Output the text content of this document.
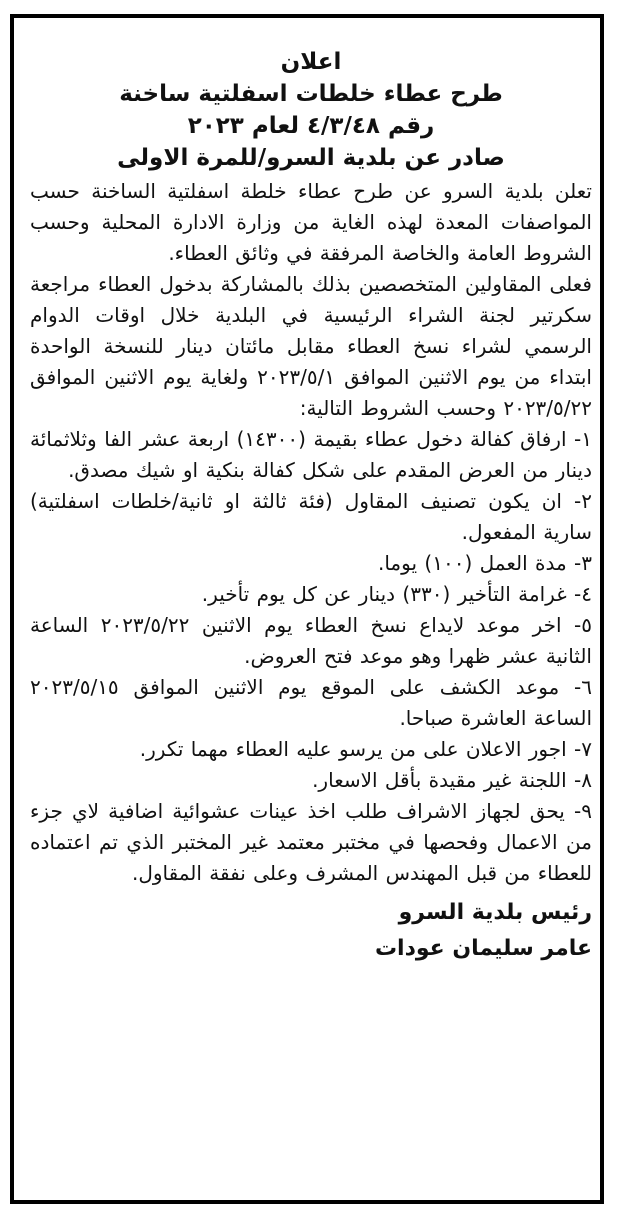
اعلان
طرح عطاء خلطات اسفلتية ساخنة
رقم ٤/٣/٤٨ لعام ٢٠٢٣
صادر عن بلدية السرو/للمرة الاولى

تعلن بلدية السرو عن طرح عطاء خلطة اسفلتية الساخنة حسب المواصفات المعدة لهذه الغاية من وزارة الادارة المحلية وحسب الشروط العامة والخاصة المرفقة في وثائق العطاء.

فعلى المقاولين المتخصصين بذلك بالمشاركة بدخول العطاء مراجعة سكرتير لجنة الشراء الرئيسية في البلدية خلال اوقات الدوام الرسمي لشراء نسخ العطاء مقابل مائتان دينار للنسخة الواحدة ابتداء من يوم الاثنين الموافق ٢٠٢٣/٥/١ ولغاية يوم الاثنين الموافق ٢٠٢٣/٥/٢٢ وحسب الشروط التالية:

١- ارفاق كفالة دخول عطاء بقيمة (١٤٣٠٠) اربعة عشر الفا وثلاثمائة دينار من العرض المقدم على شكل كفالة بنكية او شيك مصدق.
٢- ان يكون تصنيف المقاول (فئة ثالثة او ثانية/خلطات اسفلتية) سارية المفعول.
٣- مدة العمل (١٠٠) يوما.
٤- غرامة التأخير (٣٣٠) دينار عن كل يوم تأخير.
٥- اخر موعد لايداع نسخ العطاء يوم الاثنين ٢٠٢٣/٥/٢٢ الساعة الثانية عشر ظهرا وهو موعد فتح العروض.
٦- موعد الكشف على الموقع يوم الاثنين الموافق ٢٠٢٣/٥/١٥ الساعة العاشرة صباحا.
٧- اجور الاعلان على من يرسو عليه العطاء مهما تكرر.
٨- اللجنة غير مقيدة بأقل الاسعار.
٩- يحق لجهاز الاشراف طلب اخذ عينات عشوائية اضافية لاي جزء من الاعمال وفحصها في مختبر معتمد غير المختبر الذي تم اعتماده للعطاء من قبل المهندس المشرف وعلى نفقة المقاول.
رئيس بلدية السرو
عامر سليمان عودات
